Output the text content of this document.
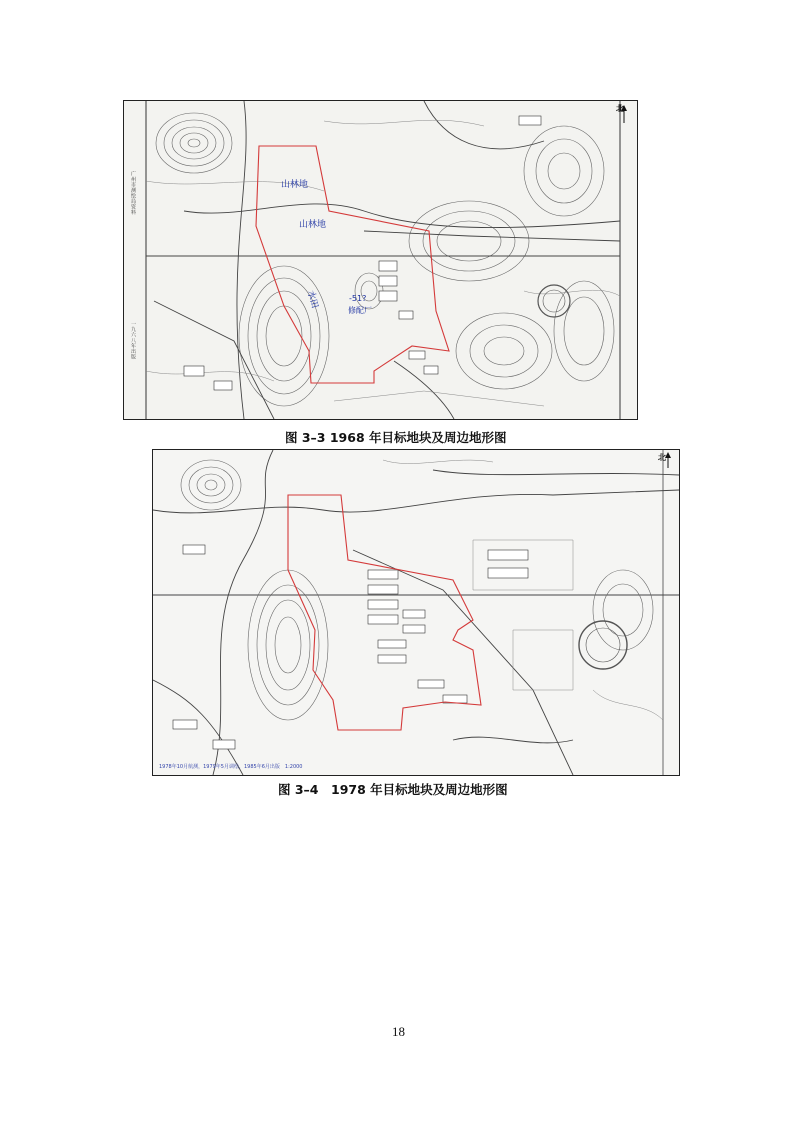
山林地
山林地
水田	-51?
修配厂
广州市测绘局资料
一九六八年出版
北
图 3–3 1968 年目标地块及周边地形图
北
1978年10月航测，1979年5月调绘，1985年6月出版　1:2000
图 3–4　1978 年目标地块及周边地形图
18
